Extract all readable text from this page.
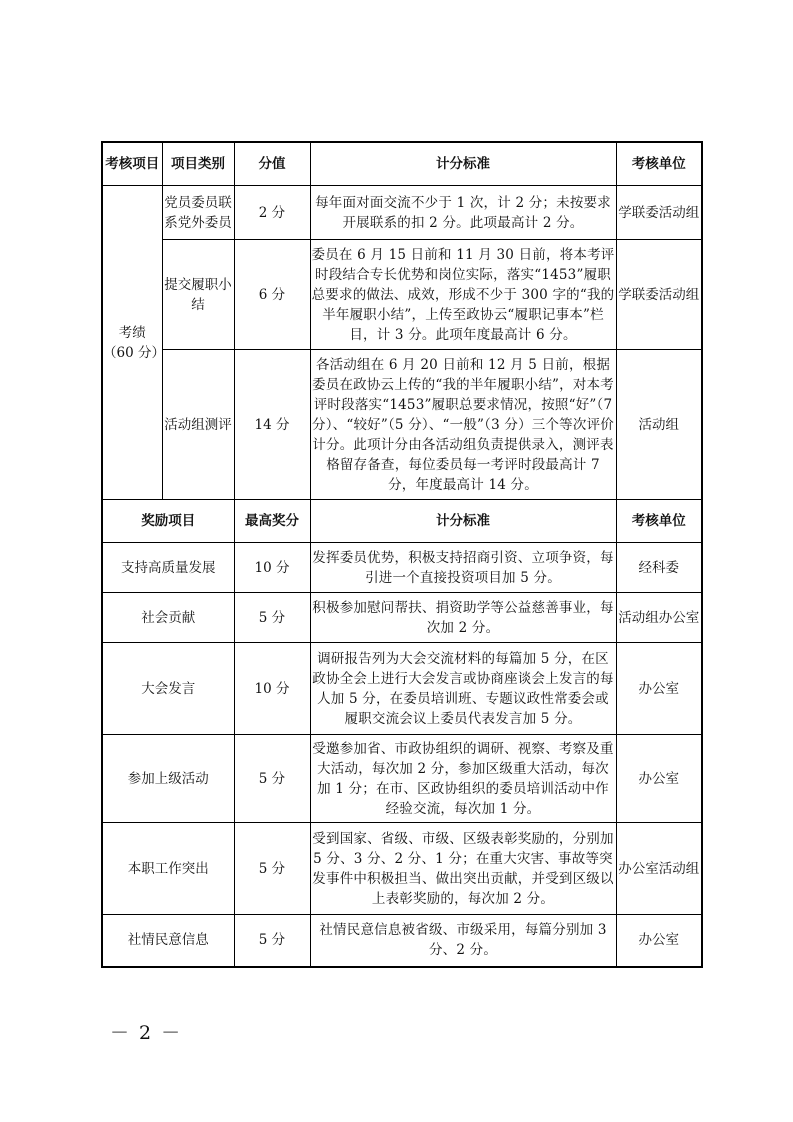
考核项目	项目类别	分值	计分标准	考核单位

考绩
（60 分）	党员委员联系党外委员	2 分	每年面对面交流不少于 1 次，计 2 分；未按要求开展联系的扣 2 分。此项最高计 2 分。	学联委活动组
	提交履职小结	6 分	委员在 6 月 15 日前和 11 月 30 日前，将本考评时段结合专长优势和岗位实际，落实“1453”履职总要求的做法、成效，形成不少于 300 字的“我的半年履职小结”，上传至政协云“履职记事本”栏目，计 3 分。此项年度最高计 6 分。	学联委活动组
	活动组测评	14 分	各活动组在 6 月 20 日前和 12 月 5 日前，根据委员在政协云上传的“我的半年履职小结”，对本考评时段落实“1453”履职总要求情况，按照“好”（7 分）、“较好”（5 分）、“一般”（3 分）三个等次评价计分。此项计分由各活动组负责提供录入，测评表格留存备查，每位委员每一考评时段最高计 7 分，年度最高计 14 分。	活动组
奖励项目		最高奖分	计分标准	考核单位
支持高质量发展		10 分	发挥委员优势，积极支持招商引资、立项争资，每引进一个直接投资项目加 5 分。	经科委
社会贡献		5 分	积极参加慰问帮扶、捐资助学等公益慈善事业，每次加 2 分。	活动组办公室
大会发言		10 分	调研报告列为大会交流材料的每篇加 5 分，在区政协全会上进行大会发言或协商座谈会上发言的每人加 5 分，在委员培训班、专题议政性常委会或履职交流会议上委员代表发言加 5 分。	办公室
参加上级活动		5 分	受邀参加省、市政协组织的调研、视察、考察及重大活动，每次加 2 分，参加区级重大活动，每次加 1 分；在市、区政协组织的委员培训活动中作经验交流，每次加 1 分。	办公室
本职工作突出		5 分	受到国家、省级、市级、区级表彰奖励的，分别加 5 分、3 分、2 分、1 分；在重大灾害、事故等突发事件中积极担当、做出突出贡献，并受到区级以上表彰奖励的，每次加 2 分。	办公室活动组
社情民意信息		5 分	社情民意信息被省级、市级采用，每篇分别加 3 分、2 分。	办公室
－ 2 －
